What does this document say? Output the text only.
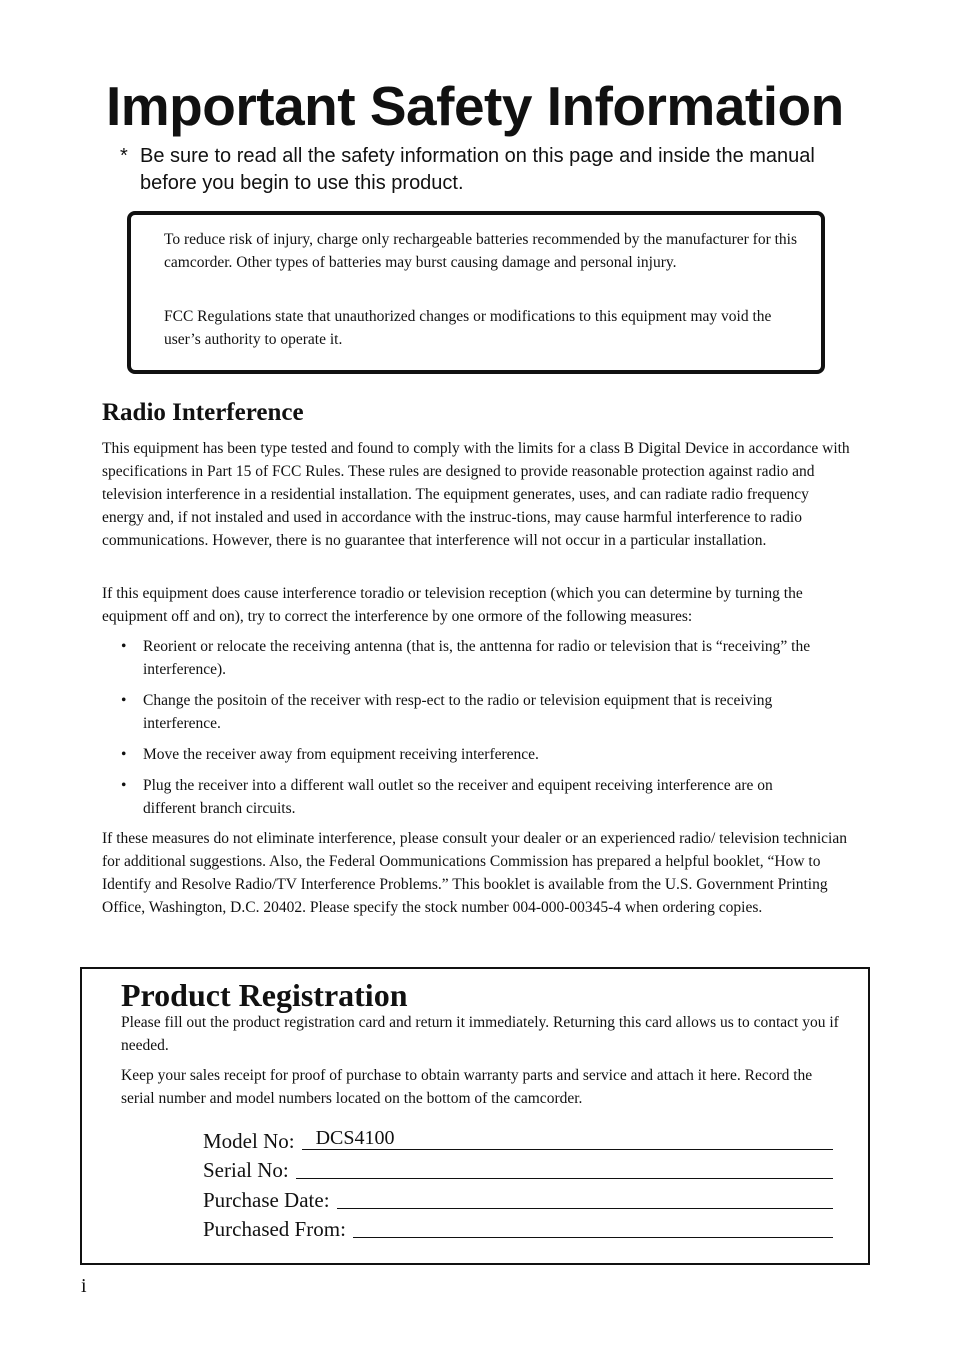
Important Safety Information
* Be sure to read all the safety information on this page and inside the manual before you begin to use this product.

To reduce risk of injury, charge only rechargeable batteries recommended by the manufacturer for this camcorder. Other types of batteries may burst causing damage and personal injury.

FCC Regulations state that unauthorized changes or modifications to this equipment may void the user’s authority to operate it.

Radio Interference

This equipment has been type tested and found to comply with the limits for a class B Digital Device in accordance with specifications in Part 15 of FCC Rules. These rules are designed to provide reasonable protection against radio and television interference in a residential installation. The equipment generates, uses, and can radiate radio frequency energy and, if not instaled and used in accordance with the instruc-tions, may cause harmful interference to radio communications. However, there is no guarantee that interference will not occur in a particular installation.

If this equipment does cause interference toradio or television reception (which you can determine by turning the equipment off and on), try to correct the interference by one ormore of the following measures:

• Reorient or relocate the receiving antenna (that is, the anttenna for radio or television that is “receiving” the interference).
• Change the positoin of the receiver with resp-ect to the radio or television equipment that is receiving interference.
• Move the receiver away from equipment receiving interference.
• Plug the receiver into a different wall outlet so the receiver and equipent receiving interference are on different branch circuits.

If these measures do not eliminate interference, please consult your dealer or an experienced radio/ television technician for additional suggestions. Also, the Federal Oommunications Commission has prepared a helpful booklet, “How to Identify and Resolve Radio/TV Interference Problems.” This booklet is available from the U.S. Government Printing Office, Washington, D.C. 20402. Please specify the stock number 004-000-00345-4 when ordering copies.

Product Registration

Please fill out the product registration card and return it immediately. Returning this card allows us to contact you if needed.

Keep your sales receipt for proof of purchase to obtain warranty parts and service and attach it here. Record the serial number and model numbers located on the bottom of the camcorder.

Model No:	DCS4100
Serial No:
Purchase Date:
Purchased From:
i
